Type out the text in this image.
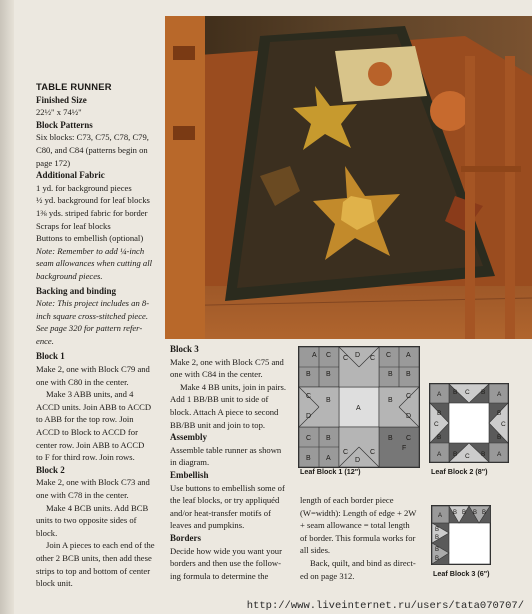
TABLE RUNNER

Finished Size

22½" x 74½"

Block Patterns

Six blocks: C73, C75, C78, C79,

C80, and C84 (patterns begin on

page 172)

Additional Fabric

1 yd. for background pieces

½ yd. background for leaf blocks

1⅜ yds. striped fabric for border

Scraps for leaf blocks

Buttons to embellish (optional)

Note: Remember to add ¼-inch

seam allowances when cutting all

background pieces.

Backing and binding

Note: This project includes an 8-

inch square cross-stitched piece.

See page 320 for pattern refer-

ence.

Block 1

Make 2, one with Block C79 and

one with C80 in the center.

Make 3 ABB units, and 4

ACCD units. Join ABB to ACCD

to ABB for the top row. Join

ACCD to Block to ACCD for

center row. Join ABB to ACCD

to F for third row. Join rows.

Block 2

Make 2, one with Block C73 and

one with C78 in the center.

Make 4 BCB units. Add BCB

units to two opposite sides of

block.

Join A pieces to each end of the

other 2 BCB units, then add these

strips to top and bottom of center

block unit.

Block 3

Make 2, one with Block C75 and

one with C84 in the center.

Make 4 BB units, join in pairs.

Add 1 BB/BB unit to side of

block. Attach A piece to second

BB/BB unit and join to top.

Assembly

Assemble table runner as shown

in diagram.

Embellish

Use buttons to embellish some of

the leaf blocks, or try appliquéd

and/or heat-transfer motifs of

leaves and pumpkins.

Borders

Decide how wide you want your

borders and then use the follow-

ing formula to determine the

length of each border piece

(W=width): Length of edge + 2W

+ seam allowance = total length

of border. This formula works for

all sides.

Back, quilt, and bind as direct-

ed on page 312.

A C C D C C A
B B	B B
C
B
A
B
C
D	D
C B	B C
B A	D
C	C
F
Leaf Block 1 (12")
A	C	A
B	B
B	B
C	C
B	B
A	C	A
B	B
Leaf Block 2 (8")
A B B B B
B
B
B
B
Leaf Block 3 (6")
http://www.liveinternet.ru/users/tata070707/
